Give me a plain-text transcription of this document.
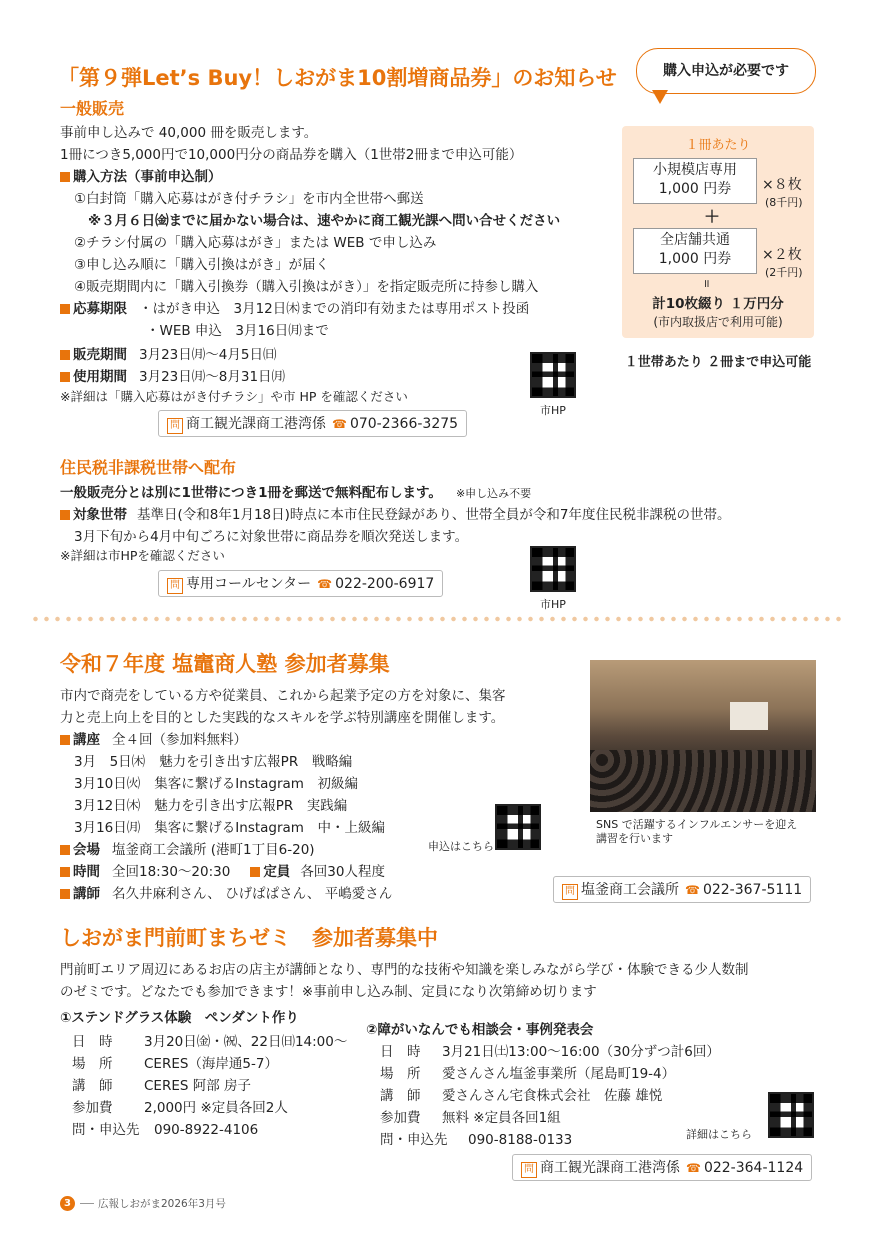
「第９弾Let’s Buy！しおがま10割増商品券」のお知らせ
一般販売
事前申し込みで 40,000 冊を販売します。
1冊につき5,000円で10,000円分の商品券を購入（1世帯2冊まで申込可能）
購入方法（事前申込制）
①白封筒「購入応募はがき付チラシ」を市内全世帯へ郵送
※３月６日㈮までに届かない場合は、速やかに商工観光課へ問い合せください
②チラシ付属の「購入応募はがき」または WEB で申し込み
③申し込み順に「購入引換はがき」が届く
④販売期間内に「購入引換券（購入引換はがき）」を指定販売所に持参し購入
応募期限 ・はがき申込　3月12日㈭までの消印有効または専用ポスト投函
・WEB 申込　3月16日㈪まで
販売期間 3月23日㈪～4月5日㈰
使用期間 3月23日㈪～8月31日㈪
※詳細は「購入応募はがき付チラシ」や市 HP を確認ください
市HP
問 商工観光課商工港湾係 ☎ 070-2366-3275
住民税非課税世帯へ配布
一般販売分とは別に1世帯につき1冊を郵送で無料配布します。 ※申し込み不要
対象世帯 基準日(令和8年1月18日)時点に本市住民登録があり、世帯全員が令和7年度住民税非課税の世帯。
3月下旬から4月中旬ごろに対象世帯に商品券を順次発送します。
※詳細は市HPを確認ください
市HP
問 専用コールセンター ☎ 022-200-6917
購入申込が必要です
１冊あたり
小規模店専用
1,000 円券	×８枚
(8千円)
＋
全店舗共通
1,000 円券	×２枚
(2千円)
॥
計10枚綴り １万円分
(市内取扱店で利用可能)
１世帯あたり ２冊まで申込可能
令和７年度 塩竈商人塾 参加者募集
市内で商売をしている方や従業員、これから起業予定の方を対象に、集客
力と売上向上を目的とした実践的なスキルを学ぶ特別講座を開催します。
講座 全４回（参加料無料）
3月　5日㈭ 魅力を引き出す広報PR　戦略編
3月10日㈫ 集客に繋げるInstagram　初級編
3月12日㈭ 魅力を引き出す広報PR　実践編
3月16日㈪ 集客に繋げるInstagram　中・上級編
会場 塩釜商工会議所 (港町1丁目6-20)
時間 全回18:30～20:30 定員 各回30人程度
講師 名久井麻利さん、 ひげぱぱさん、 平嶋愛さん
申込はこちら
SNS で活躍するインフルエンサーを迎え
講習を行います
問 塩釜商工会議所 ☎ 022-367-5111
しおがま門前町まちゼミ　参加者募集中
門前町エリア周辺にあるお店の店主が講師となり、専門的な技術や知識を楽しみながら学び・体験できる少人数制
のゼミです。どなたでも参加できます！※事前申し込み制、定員になり次第締め切ります
①ステンドグラス体験　ペンダント作り
日　時 3月20日㈮・㈷、22日㈰14:00～
場　所 CERES（海岸通5-7）
講　師 CERES 阿部 房子
参加費 2,000円 ※定員各回2人
問・申込先 090-8922-4106
②障がいなんでも相談会・事例発表会
日　時 3月21日㈯13:00～16:00（30分ずつ計6回）
場　所 愛さんさん塩釜事業所（尾島町19-4）
講　師 愛さんさん宅食株式会社　佐藤 雄悦
参加費 無料 ※定員各回1組
問・申込先 090-8188-0133	詳細はこちら
問 商工観光課商工港湾係 ☎ 022-364-1124
3	広報しおがま2026年3月号
